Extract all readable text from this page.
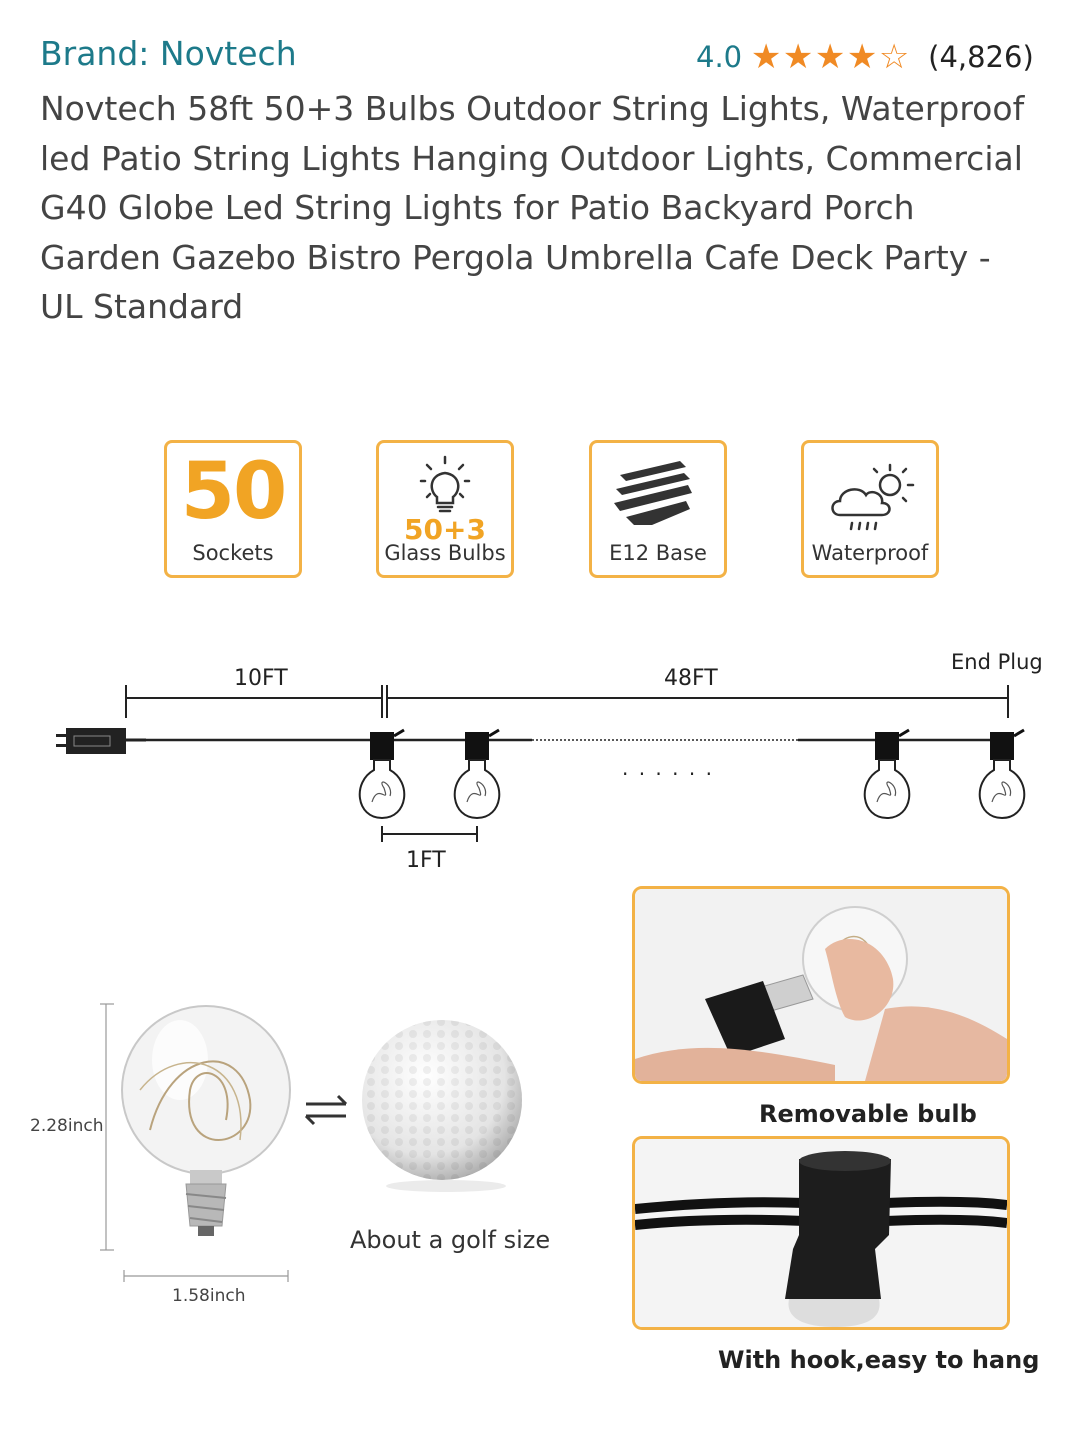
Brand: Novtech	4.0 ★ ★ ★ ★ ☆ (4,826)
Novtech 58ft 50+3 Bulbs Outdoor String Lights, Waterproof led Patio String Lights Hanging Outdoor Lights, Commercial G40 Globe Led String Lights for Patio Backyard Porch Garden Gazebo Bistro Pergola Umbrella Cafe Deck Party - UL Standard
50
Sockets
50+3
Glass Bulbs	E12 Base	Waterproof
10FT	48FT
End Plug
· · · · · ·
1FT
2.28inch
1.58inch
About a golf size
Removable bulb
With hook,easy to hang
